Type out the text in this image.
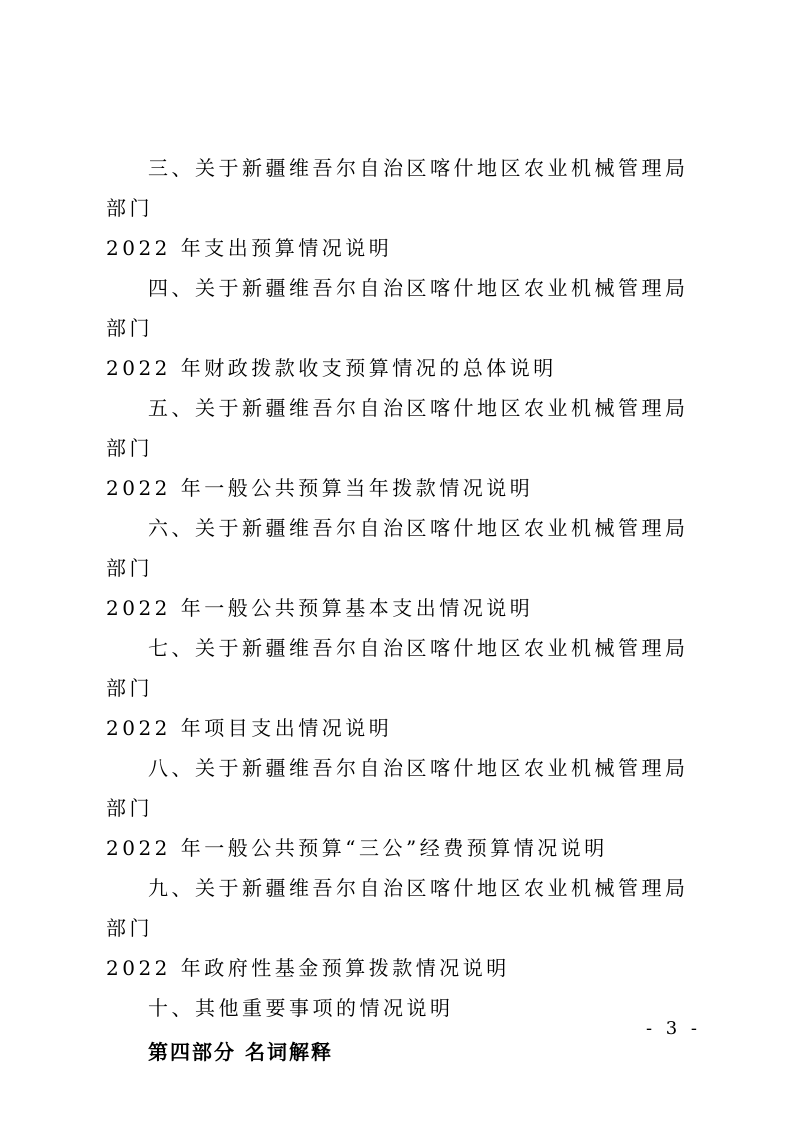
三、关于新疆维吾尔自治区喀什地区农业机械管理局部门

2022 年支出预算情况说明

四、关于新疆维吾尔自治区喀什地区农业机械管理局部门

2022 年财政拨款收支预算情况的总体说明

五、关于新疆维吾尔自治区喀什地区农业机械管理局部门

2022 年一般公共预算当年拨款情况说明

六、关于新疆维吾尔自治区喀什地区农业机械管理局部门

2022 年一般公共预算基本支出情况说明

七、关于新疆维吾尔自治区喀什地区农业机械管理局部门

2022 年项目支出情况说明

八、关于新疆维吾尔自治区喀什地区农业机械管理局部门

2022 年一般公共预算“三公”经费预算情况说明

九、关于新疆维吾尔自治区喀什地区农业机械管理局部门

2022 年政府性基金预算拨款情况说明

十、其他重要事项的情况说明

第四部分 名词解释

- 3 -
